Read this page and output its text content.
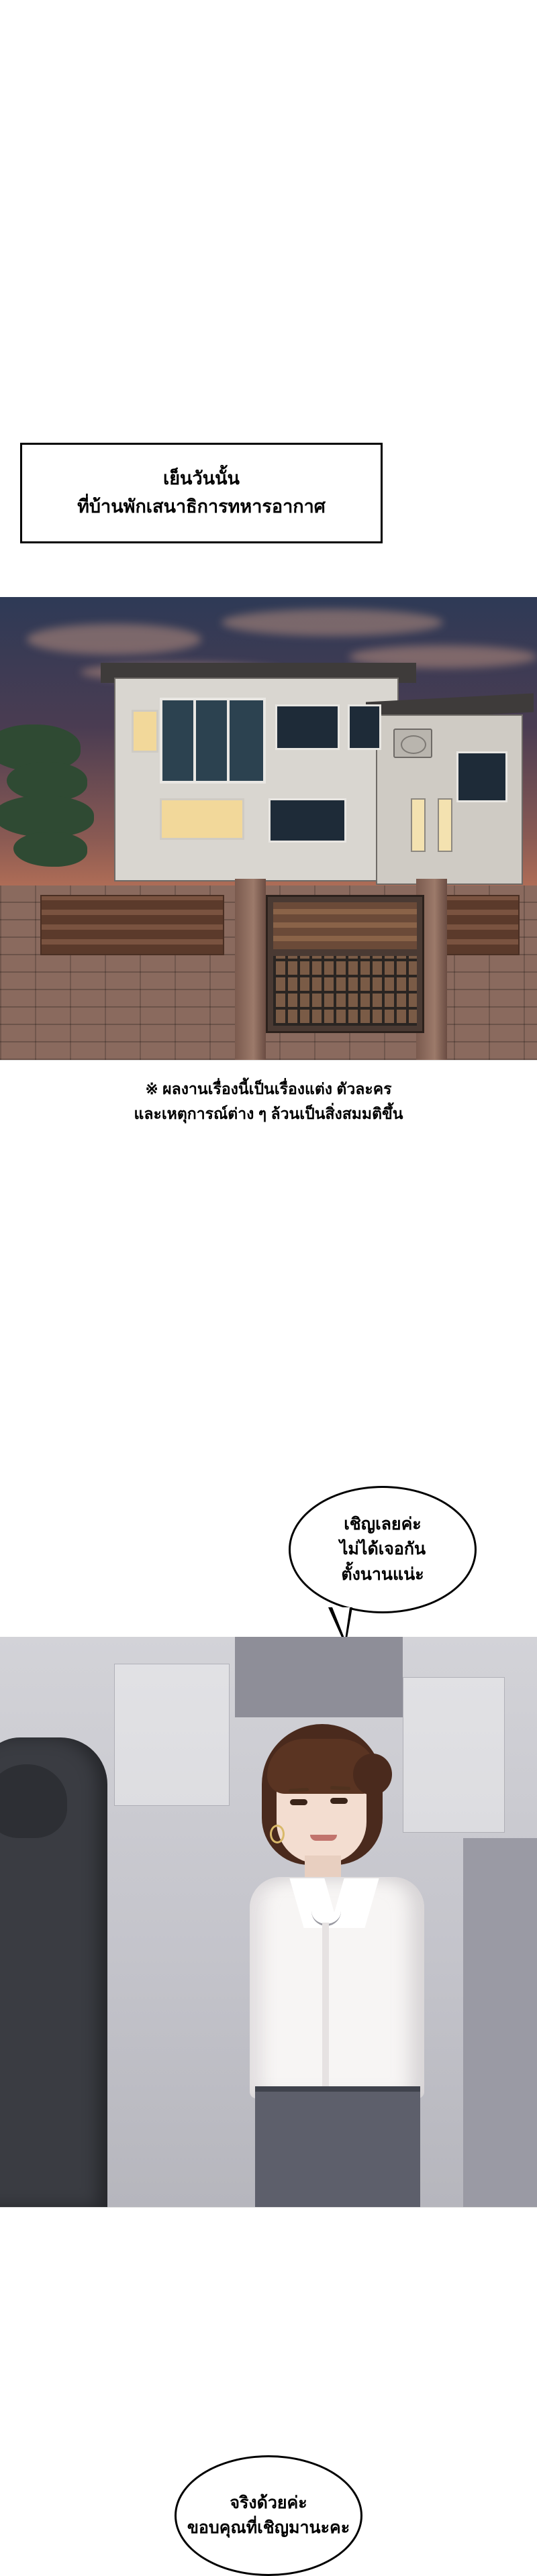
เย็นวันนั้น
ที่บ้านพักเสนาธิการทหารอากาศ
※ ผลงานเรื่องนี้เป็นเรื่องแต่ง ตัวละคร
และเหตุการณ์ต่าง ๆ ล้วนเป็นสิ่งสมมติขึ้น
เชิญเลยค่ะ
ไม่ได้เจอกัน
ตั้งนานแน่ะ
จริงด้วยค่ะ
ขอบคุณที่เชิญมานะคะ
